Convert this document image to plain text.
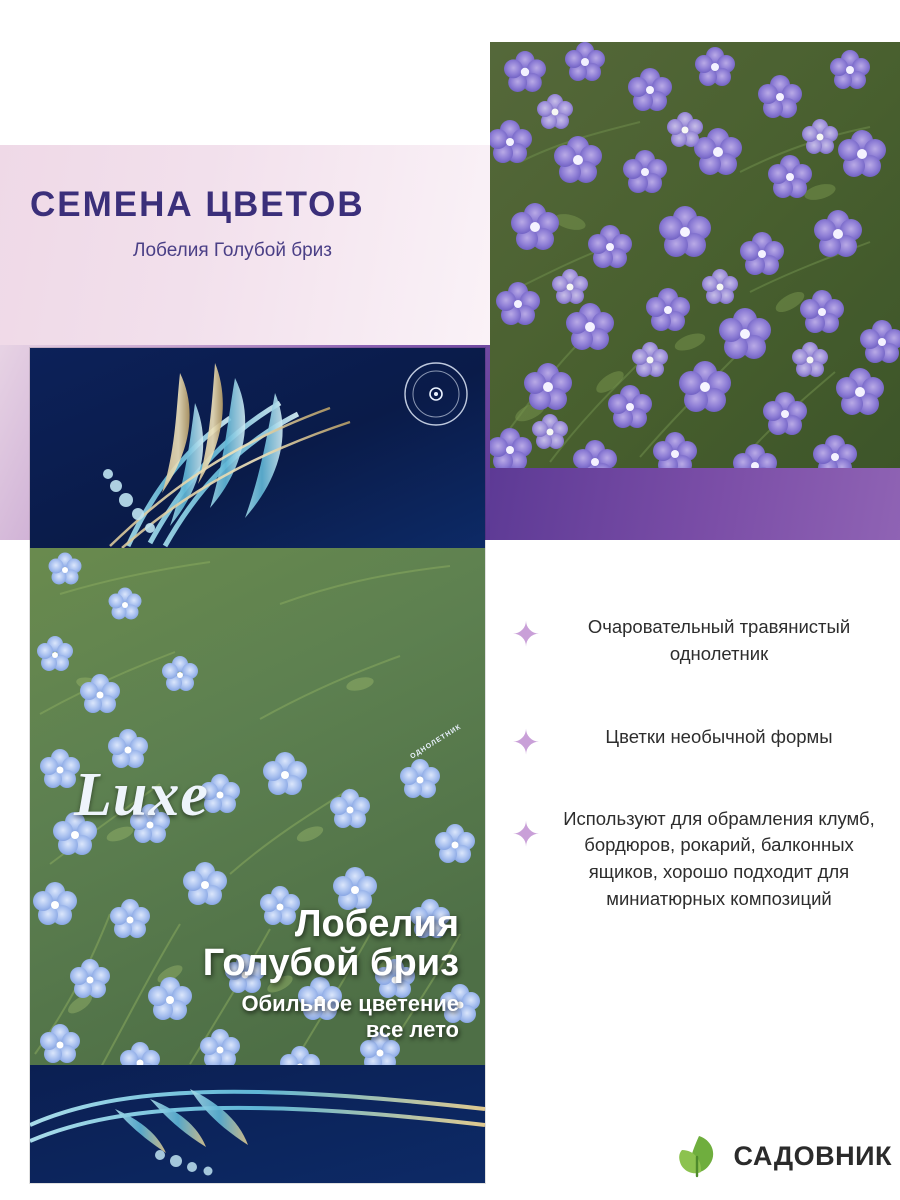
СЕМЕНА ЦВЕТОВ
Лобелия Голубой бриз
Luxe
ОДНОЛЕТНИК
Лобелия
Голубой бриз
Обильное цветение
все лето
✦	Очаровательный травянистый однолетник
✦	Цветки необычной формы
✦	Используют для обрамления клумб, бордюров, рокарий, балконных ящиков, хорошо подходит для миниатюрных композиций
САДОВНИК
